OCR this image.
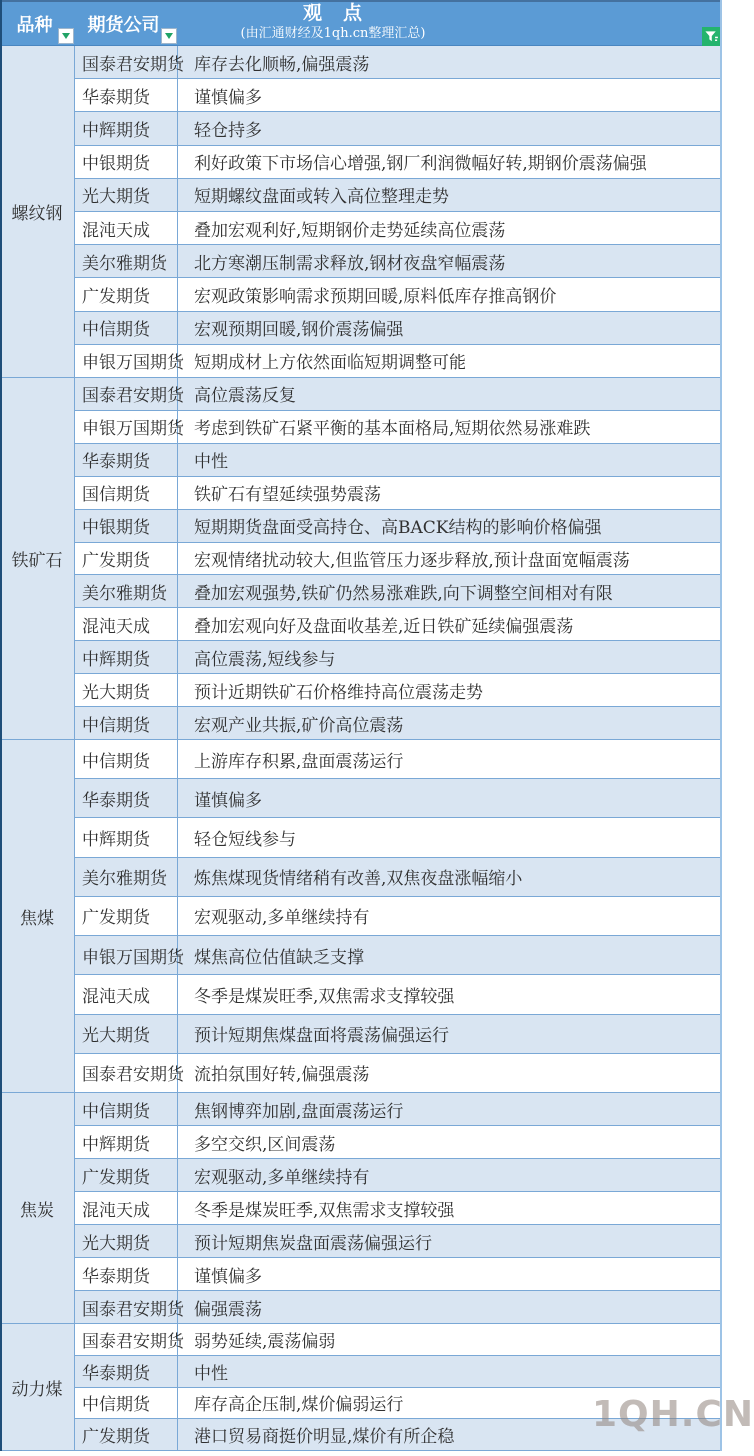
品种	期货公司
观　点
(由汇通财经及1qh.cn整理汇总)
螺纹钢
国泰君安期货 库存去化顺畅,偏强震荡
华泰期货	谨慎偏多
中辉期货	轻仓持多
中银期货	利好政策下市场信心增强,钢厂利润微幅好转,期钢价震荡偏强
光大期货	短期螺纹盘面或转入高位整理走势
混沌天成	叠加宏观利好,短期钢价走势延续高位震荡
美尔雅期货	北方寒潮压制需求释放,钢材夜盘窄幅震荡
广发期货	宏观政策影响需求预期回暖,原料低库存推高钢价
中信期货	宏观预期回暖,钢价震荡偏强
申银万国期货 短期成材上方依然面临短期调整可能
铁矿石
国泰君安期货 高位震荡反复
申银万国期货 考虑到铁矿石紧平衡的基本面格局,短期依然易涨难跌
华泰期货	中性
国信期货	铁矿石有望延续强势震荡
中银期货	短期期货盘面受高持仓、高BACK结构的影响价格偏强
广发期货	宏观情绪扰动较大,但监管压力逐步释放,预计盘面宽幅震荡
美尔雅期货	叠加宏观强势,铁矿仍然易涨难跌,向下调整空间相对有限
混沌天成	叠加宏观向好及盘面收基差,近日铁矿延续偏强震荡
中辉期货	高位震荡,短线参与
光大期货	预计近期铁矿石价格维持高位震荡走势
中信期货	宏观产业共振,矿价高位震荡
焦煤
中信期货	上游库存积累,盘面震荡运行
华泰期货	谨慎偏多
中辉期货	轻仓短线参与
美尔雅期货	炼焦煤现货情绪稍有改善,双焦夜盘涨幅缩小
广发期货	宏观驱动,多单继续持有
申银万国期货 煤焦高位估值缺乏支撑
混沌天成	冬季是煤炭旺季,双焦需求支撑较强
光大期货	预计短期焦煤盘面将震荡偏强运行
国泰君安期货 流拍氛围好转,偏强震荡
焦炭
中信期货	焦钢博弈加剧,盘面震荡运行
中辉期货	多空交织,区间震荡
广发期货	宏观驱动,多单继续持有
混沌天成	冬季是煤炭旺季,双焦需求支撑较强
光大期货	预计短期焦炭盘面震荡偏强运行
华泰期货	谨慎偏多
国泰君安期货 偏强震荡
动力煤
国泰君安期货 弱势延续,震荡偏弱
华泰期货	中性
中信期货	库存高企压制,煤价偏弱运行
广发期货	港口贸易商挺价明显,煤价有所企稳
1QH.CN
